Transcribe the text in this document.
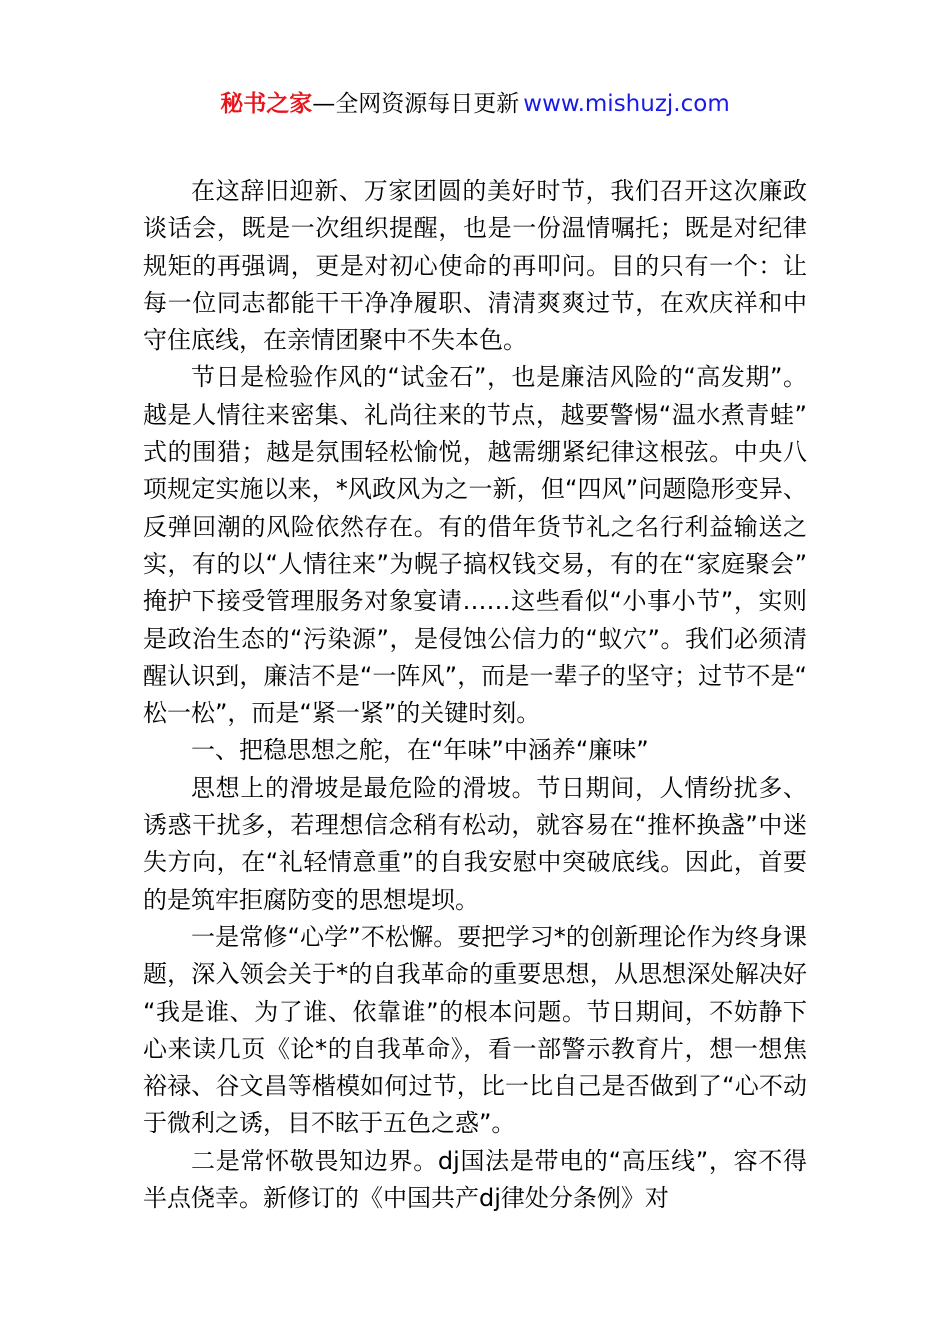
秘书之家—全网资源每日更新 www.mishuzj.com

在这辞旧迎新、万家团圆的美好时节，我们召开这次廉政谈话会，既是一次组织提醒，也是一份温情嘱托；既是对纪律规矩的再强调，更是对初心使命的再叩问。目的只有一个：让每一位同志都能干干净净履职、清清爽爽过节，在欢庆祥和中守住底线，在亲情团聚中不失本色。

节日是检验作风的“试金石”，也是廉洁风险的“高发期”。越是人情往来密集、礼尚往来的节点，越要警惕“温水煮青蛙”式的围猎；越是氛围轻松愉悦，越需绷紧纪律这根弦。中央八项规定实施以来，*风政风为之一新，但“四风”问题隐形变异、反弹回潮的风险依然存在。有的借年货节礼之名行利益输送之实，有的以“人情往来”为幌子搞权钱交易，有的在“家庭聚会”掩护下接受管理服务对象宴请……这些看似“小事小节”，实则是政治生态的“污染源”，是侵蚀公信力的“蚁穴”。我们必须清醒认识到，廉洁不是“一阵风”，而是一辈子的坚守；过节不是“松一松”，而是“紧一紧”的关键时刻。

一、把稳思想之舵，在“年味”中涵养“廉味”

思想上的滑坡是最危险的滑坡。节日期间，人情纷扰多、诱惑干扰多，若理想信念稍有松动，就容易在“推杯换盏”中迷失方向，在“礼轻情意重”的自我安慰中突破底线。因此，首要的是筑牢拒腐防变的思想堤坝。

一是常修“心学”不松懈。要把学习*的创新理论作为终身课题，深入领会关于*的自我革命的重要思想，从思想深处解决好“我是谁、为了谁、依靠谁”的根本问题。节日期间，不妨静下心来读几页《论*的自我革命》，看一部警示教育片，想一想焦裕禄、谷文昌等楷模如何过节，比一比自己是否做到了“心不动于微利之诱，目不眩于五色之惑”。

二是常怀敬畏知边界。dj国法是带电的“高压线”，容不得半点侥幸。新修订的《中国共产dj律处分条例》对
